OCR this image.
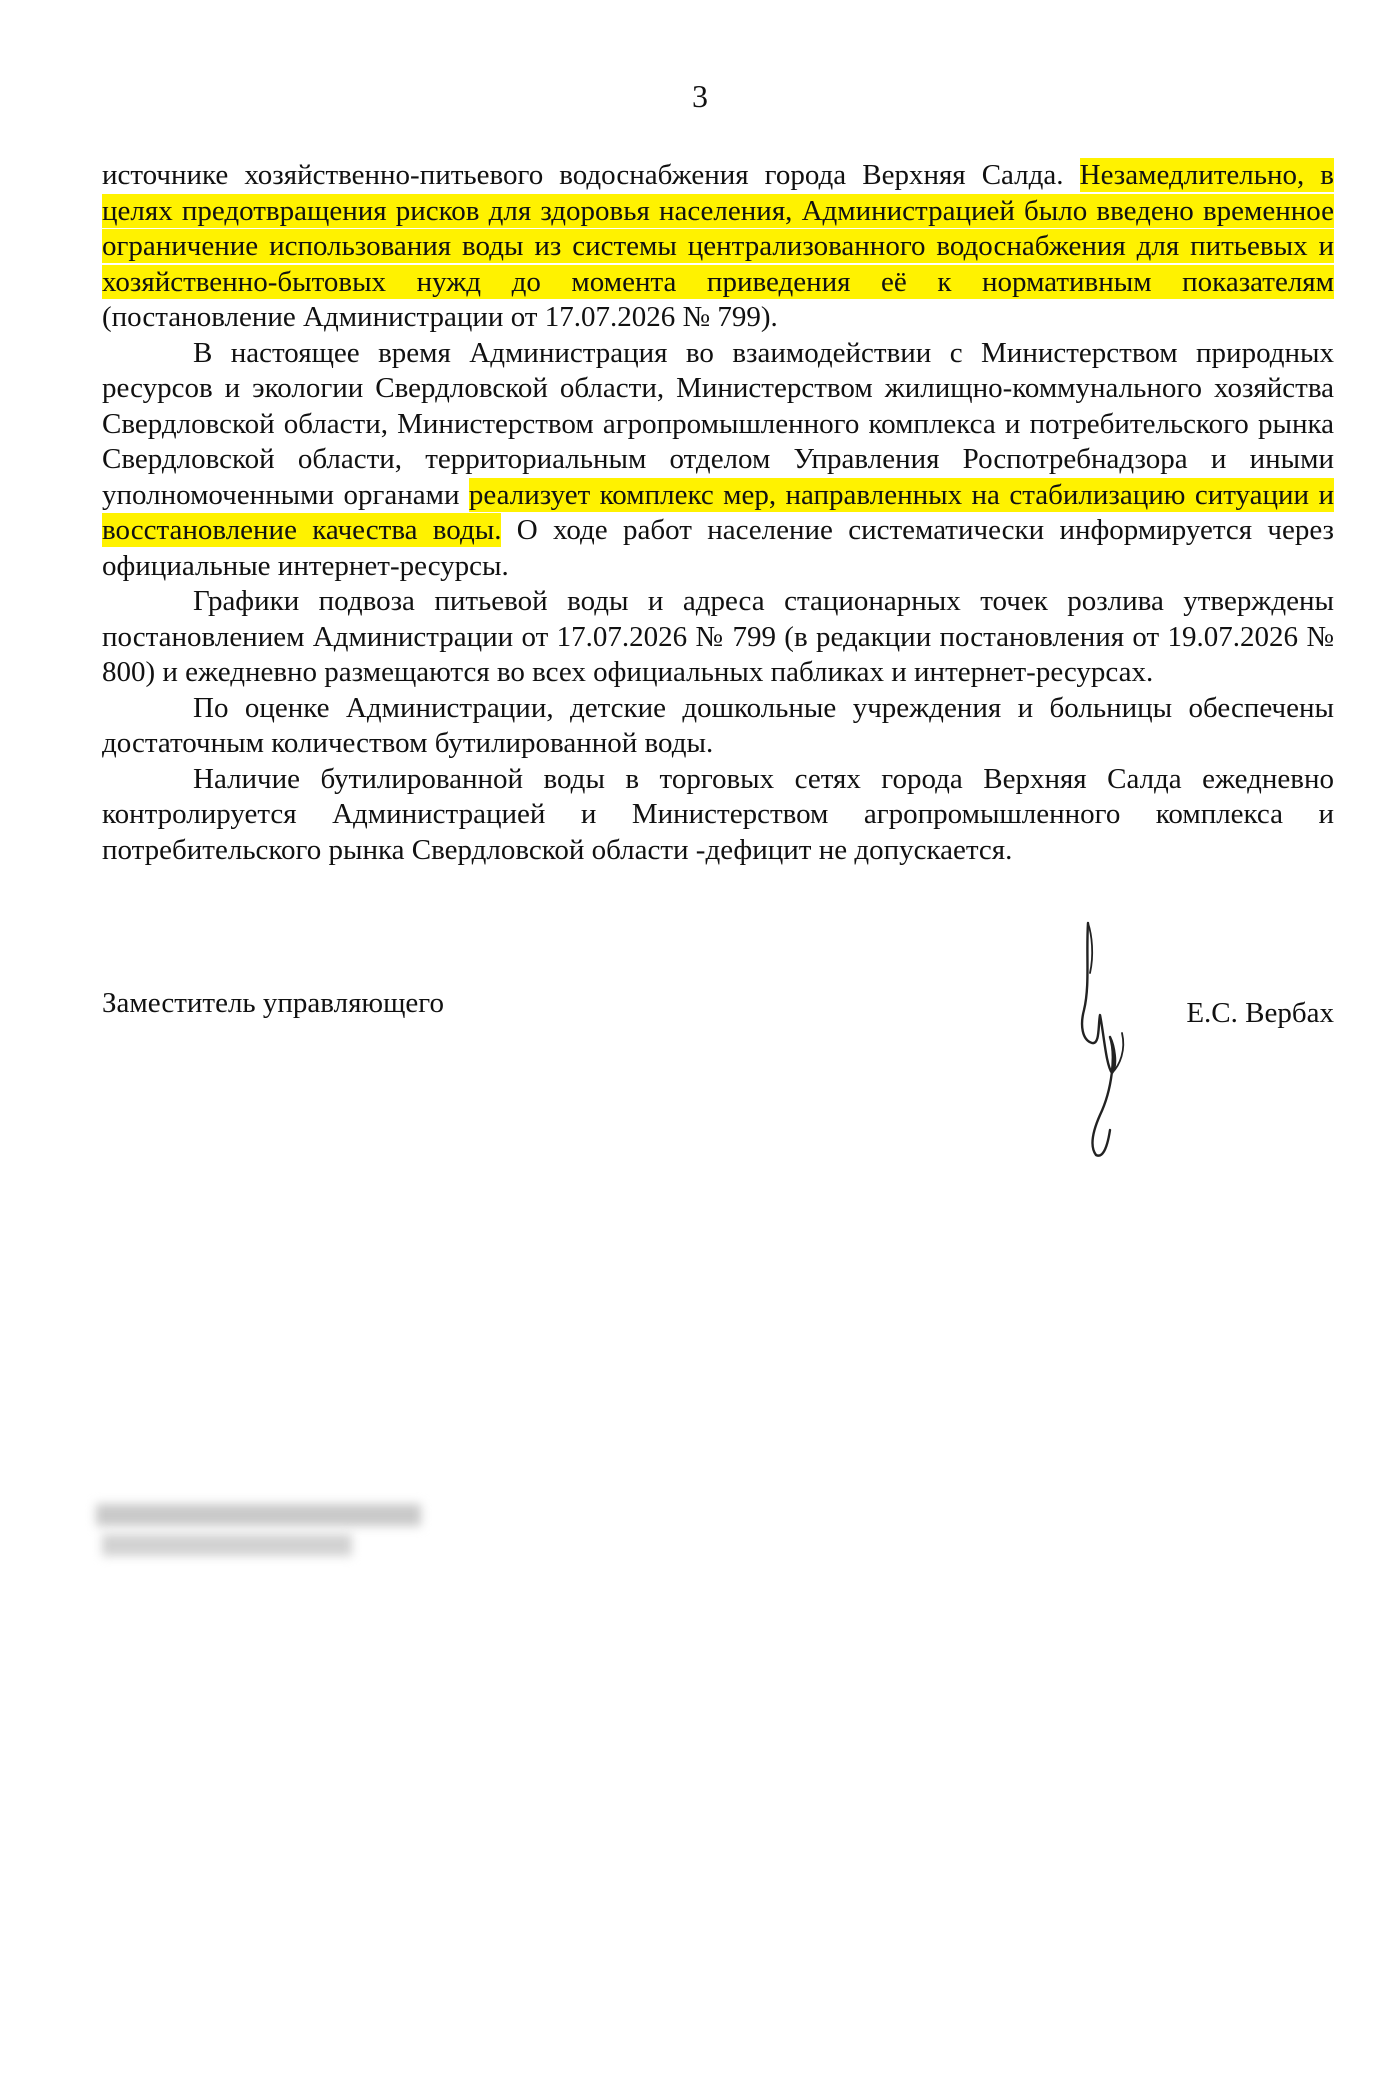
3

источнике хозяйственно-питьевого водоснабжения города Верхняя Салда. Незамедлительно, в целях предотвращения рисков для здоровья населения, Администрацией было введено временное ограничение использования воды из системы централизованного водоснабжения для питьевых и хозяйственно-бытовых нужд до момента приведения её к нормативным показателям (постановление Администрации от 17.07.2026 № 799).

В настоящее время Администрация во взаимодействии с Министерством природных ресурсов и экологии Свердловской области, Министерством жилищно-коммунального хозяйства Свердловской области, Министерством агропромышленного комплекса и потребительского рынка Свердловской области, территориальным отделом Управления Роспотребнадзора и иными уполномоченными органами реализует комплекс мер, направленных на стабилизацию ситуации и восстановление качества воды. О ходе работ население систематически информируется через официальные интернет-ресурсы.

Графики подвоза питьевой воды и адреса стационарных точек розлива утверждены постановлением Администрации от 17.07.2026 № 799 (в редакции постановления от 19.07.2026 № 800) и ежедневно размещаются во всех официальных пабликах и интернет-ресурсах.

По оценке Администрации, детские дошкольные учреждения и больницы обеспечены достаточным количеством бутилированной воды.

Наличие бутилированной воды в торговых сетях города Верхняя Салда ежедневно контролируется Администрацией и Министерством агропромышленного комплекса и потребительского рынка Свердловской области -дефицит не допускается.

Заместитель управляющего	Е.С. Вербах
